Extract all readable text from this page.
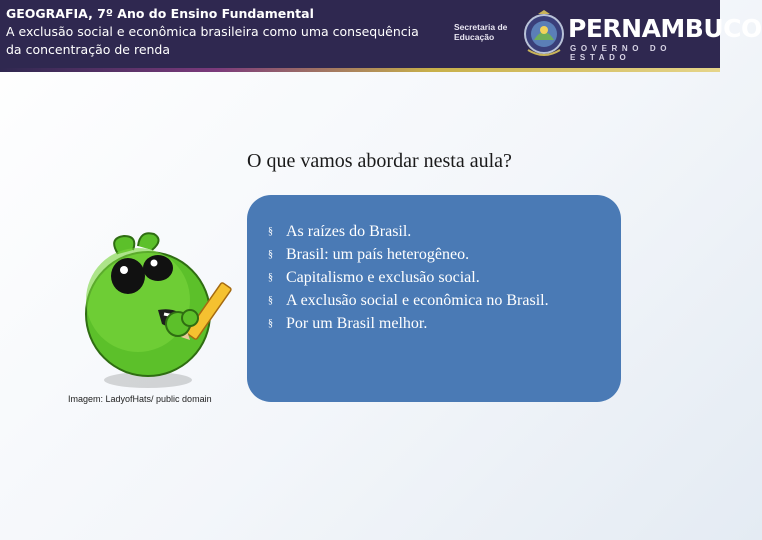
GEOGRAFIA, 7º Ano do Ensino Fundamental
A exclusão social e econômica brasileira como uma consequência
da concentração de renda
Secretaria de
Educação	PERNAMBUCO
GOVERNO DO ESTADO
O que vamos abordar nesta aula?
§ As raízes do Brasil.
§ Brasil: um país heterogêneo.
§ Capitalismo e exclusão social.
§ A exclusão social e econômica no Brasil.
§ Por um Brasil melhor.
Imagem: LadyofHats/ public domain
